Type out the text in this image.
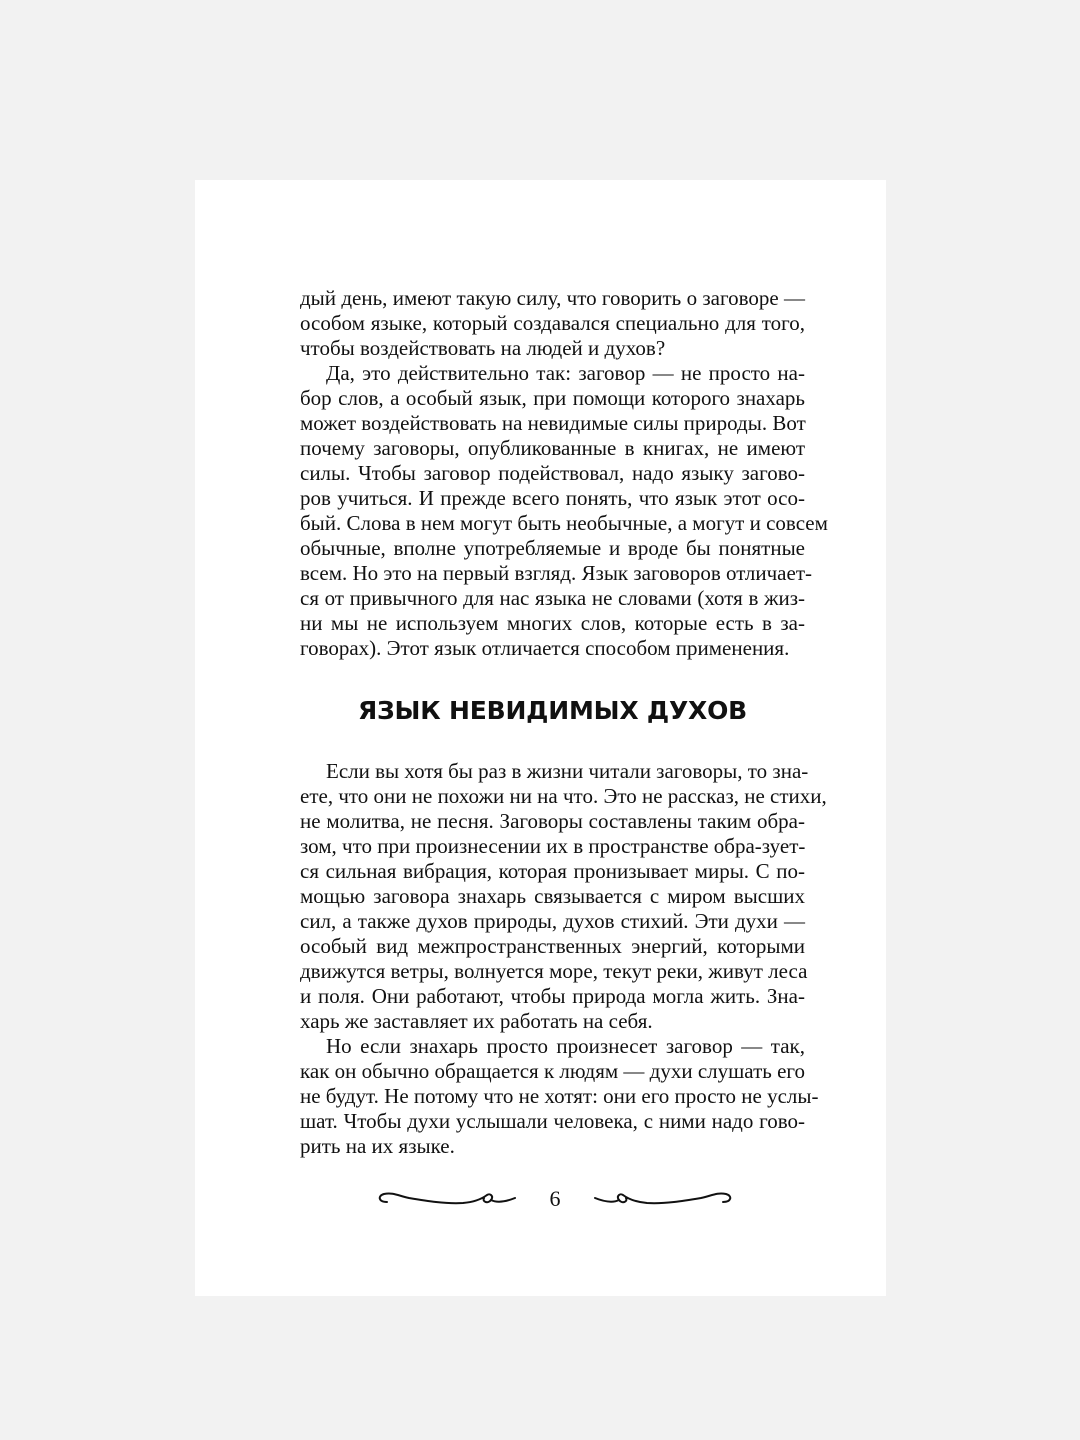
дый день, имеют такую силу, что говорить о заговоре —
особом языке, который создавался специально для того,
чтобы воздействовать на людей и духов?
Да, это действительно так: заговор — не просто на-
бор слов, а особый язык, при помощи которого знахарь
может воздействовать на невидимые силы природы. Вот
почему заговоры, опубликованные в книгах, не имеют
силы. Чтобы заговор подействовал, надо языку загово-
ров учиться. И прежде всего понять, что язык этот осо-
бый. Слова в нем могут быть необычные, а могут и совсем
обычные, вполне употребляемые и вроде бы понятные
всем. Но это на первый взгляд. Язык заговоров отличает-
ся от привычного для нас языка не словами (хотя в жиз-
ни мы не используем многих слов, которые есть в за-
говорах). Этот язык отличается способом применения.
ЯЗЫК НЕВИДИМЫХ ДУХОВ
Если вы хотя бы раз в жизни читали заговоры, то зна-
ете, что они не похожи ни на что. Это не рассказ, не стихи,
не молитва, не песня. Заговоры составлены таким обра-
зом, что при произнесении их в пространстве обра-зует-
ся сильная вибрация, которая пронизывает миры. С по-
мощью заговора знахарь связывается с миром высших
сил, а также духов природы, духов стихий. Эти духи —
особый вид межпространственных энергий, которыми
движутся ветры, волнуется море, текут реки, живут леса
и поля. Они работают, чтобы природа могла жить. Зна-
харь же заставляет их работать на себя.
Но если знахарь просто произнесет заговор — так,
как он обычно обращается к людям — духи слушать его
не будут. Не потому что не хотят: они его просто не услы-
шат. Чтобы духи услышали человека, с ними надо гово-
рить на их языке.
6
